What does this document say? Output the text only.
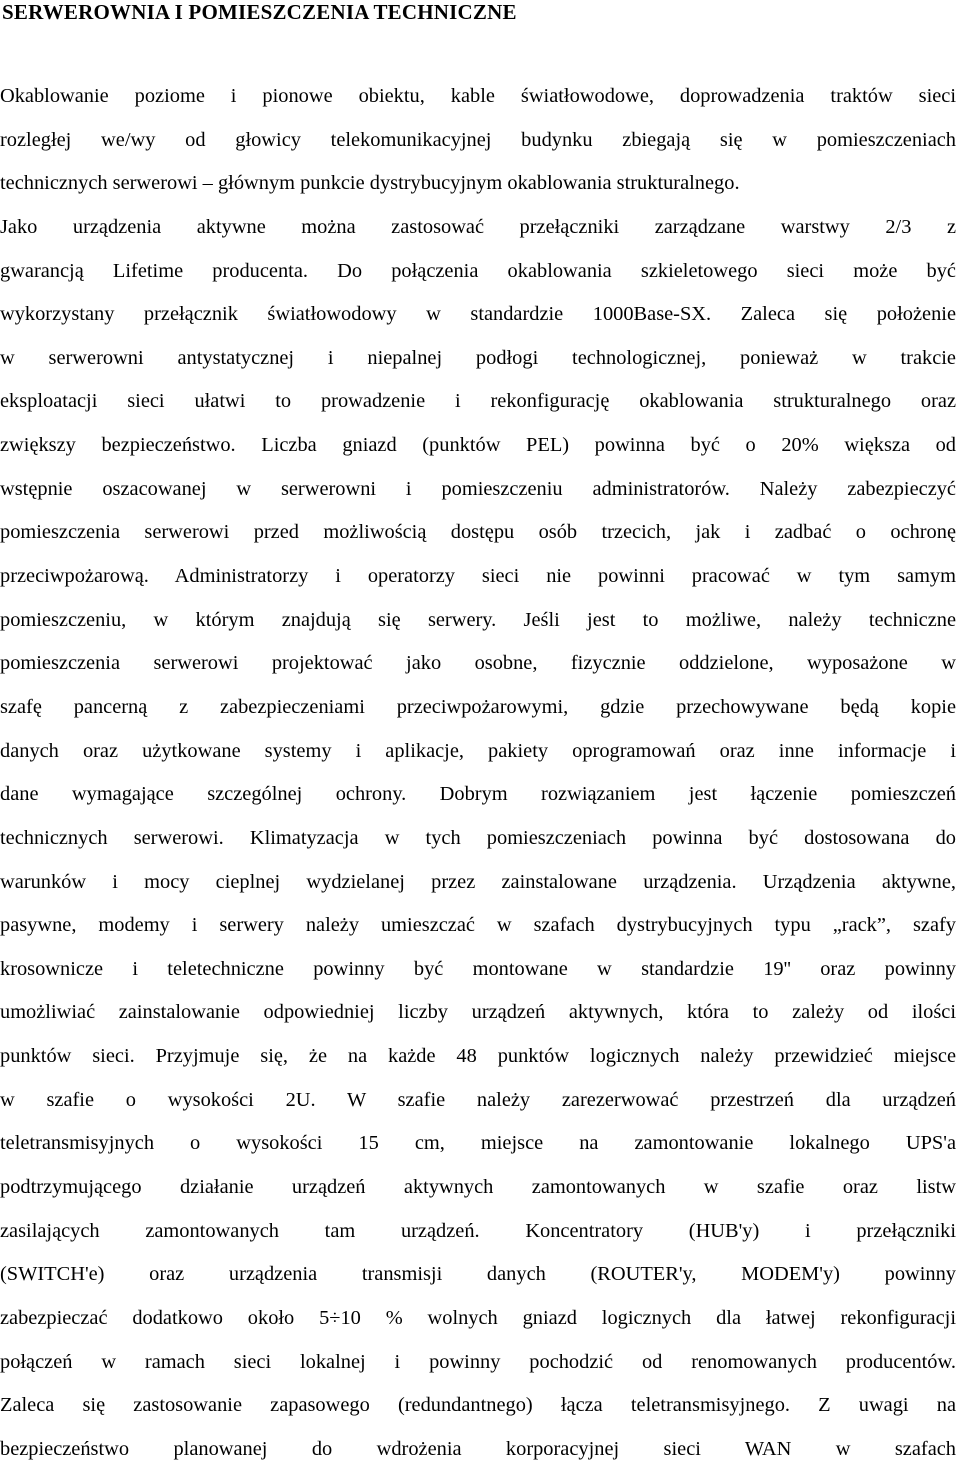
SERWEROWNIA I POMIESZCZENIA TECHNICZNE
Okablowanie poziome i pionowe obiektu, kable światłowodowe, doprowadzenia traktów sieci
rozległej we/wy od głowicy telekomunikacyjnej budynku zbiegają się w pomieszczeniach
technicznych serwerowi – głównym punkcie dystrybucyjnym okablowania strukturalnego.
Jako urządzenia aktywne można zastosować przełączniki zarządzane warstwy 2/3 z
gwarancją Lifetime producenta. Do połączenia okablowania szkieletowego sieci może być
wykorzystany przełącznik światłowodowy w standardzie 1000Base-SX. Zaleca się położenie
w serwerowni antystatycznej i niepalnej podłogi technologicznej, ponieważ w trakcie
eksploatacji sieci ułatwi to prowadzenie i rekonfigurację okablowania strukturalnego oraz
zwiększy bezpieczeństwo. Liczba gniazd (punktów PEL) powinna być o 20% większa od
wstępnie oszacowanej w serwerowni i pomieszczeniu administratorów. Należy zabezpieczyć
pomieszczenia serwerowi przed możliwością dostępu osób trzecich, jak i zadbać o ochronę
przeciwpożarową. Administratorzy i operatorzy sieci nie powinni pracować w tym samym
pomieszczeniu, w którym znajdują się serwery. Jeśli jest to możliwe, należy techniczne
pomieszczenia serwerowi projektować jako osobne, fizycznie oddzielone, wyposażone w
szafę pancerną z zabezpieczeniami przeciwpożarowymi, gdzie przechowywane będą kopie
danych oraz użytkowane systemy i aplikacje, pakiety oprogramowań oraz inne informacje i
dane wymagające szczególnej ochrony. Dobrym rozwiązaniem jest łączenie pomieszczeń
technicznych serwerowi. Klimatyzacja w tych pomieszczeniach powinna być dostosowana do
warunków i mocy cieplnej wydzielanej przez zainstalowane urządzenia. Urządzenia aktywne,
pasywne, modemy i serwery należy umieszczać w szafach dystrybucyjnych typu „rack”, szafy
krosownicze i teletechniczne powinny być montowane w standardzie 19'' oraz powinny
umożliwiać zainstalowanie odpowiedniej liczby urządzeń aktywnych, która to zależy od ilości
punktów sieci. Przyjmuje się, że na każde 48 punktów logicznych należy przewidzieć miejsce
w szafie o wysokości 2U. W szafie należy zarezerwować przestrzeń dla urządzeń
teletransmisyjnych o wysokości 15 cm, miejsce na zamontowanie lokalnego UPS'a
podtrzymującego działanie urządzeń aktywnych zamontowanych w szafie oraz listw
zasilających zamontowanych tam urządzeń. Koncentratory (HUB'y) i przełączniki
(SWITCH'e) oraz urządzenia transmisji danych (ROUTER'y, MODEM'y) powinny
zabezpieczać dodatkowo około 5÷10 % wolnych gniazd logicznych dla łatwej rekonfiguracji
połączeń w ramach sieci lokalnej i powinny pochodzić od renomowanych producentów.
Zaleca się zastosowanie zapasowego (redundantnego) łącza teletransmisyjnego. Z uwagi na
bezpieczeństwo planowanej do wdrożenia korporacyjnej sieci WAN w szafach
